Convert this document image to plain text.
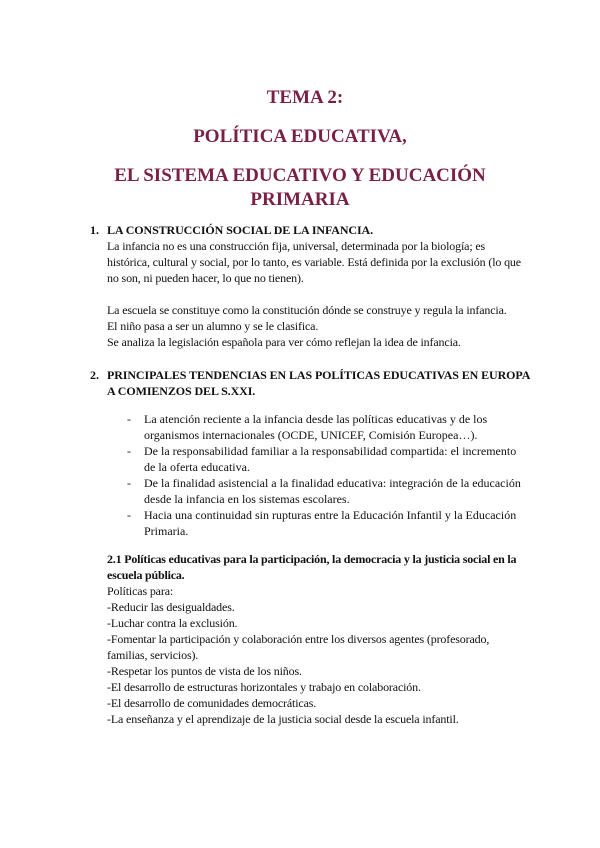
TEMA 2:
POLÍTICA EDUCATIVA,
EL SISTEMA EDUCATIVO Y EDUCACIÓN
PRIMARIA
1. LA CONSTRUCCIÓN SOCIAL DE LA INFANCIA.
La infancia no es una construcción fija, universal, determinada por la biología; es histórica, cultural y social, por lo tanto, es variable. Está definida por la exclusión (lo que no son, ni pueden hacer, lo que no tienen).
La escuela se constituye como la constitución dónde se construye y regula la infancia.
El niño pasa a ser un alumno y se le clasifica.
Se analiza la legislación española para ver cómo reflejan la idea de infancia.
2. PRINCIPALES TENDENCIAS EN LAS POLÍTICAS EDUCATIVAS EN EUROPA A COMIENZOS DEL S.XXI.
- La atención reciente a la infancia desde las políticas educativas y de los organismos internacionales (OCDE, UNICEF, Comisión Europea…).
- De la responsabilidad familiar a la responsabilidad compartida: el incremento de la oferta educativa.
- De la finalidad asistencial a la finalidad educativa: integración de la educación desde la infancia en los sistemas escolares.
- Hacia una continuidad sin rupturas entre la Educación Infantil y la Educación Primaria.
2.1 Políticas educativas para la participación, la democracia y la justicia social en la escuela pública.
Políticas para:
-Reducir las desigualdades.
-Luchar contra la exclusión.
-Fomentar la participación y colaboración entre los diversos agentes (profesorado, familias, servicios).
-Respetar los puntos de vista de los niños.
-El desarrollo de estructuras horizontales y trabajo en colaboración.
-El desarrollo de comunidades democráticas.
-La enseñanza y el aprendizaje de la justicia social desde la escuela infantil.
